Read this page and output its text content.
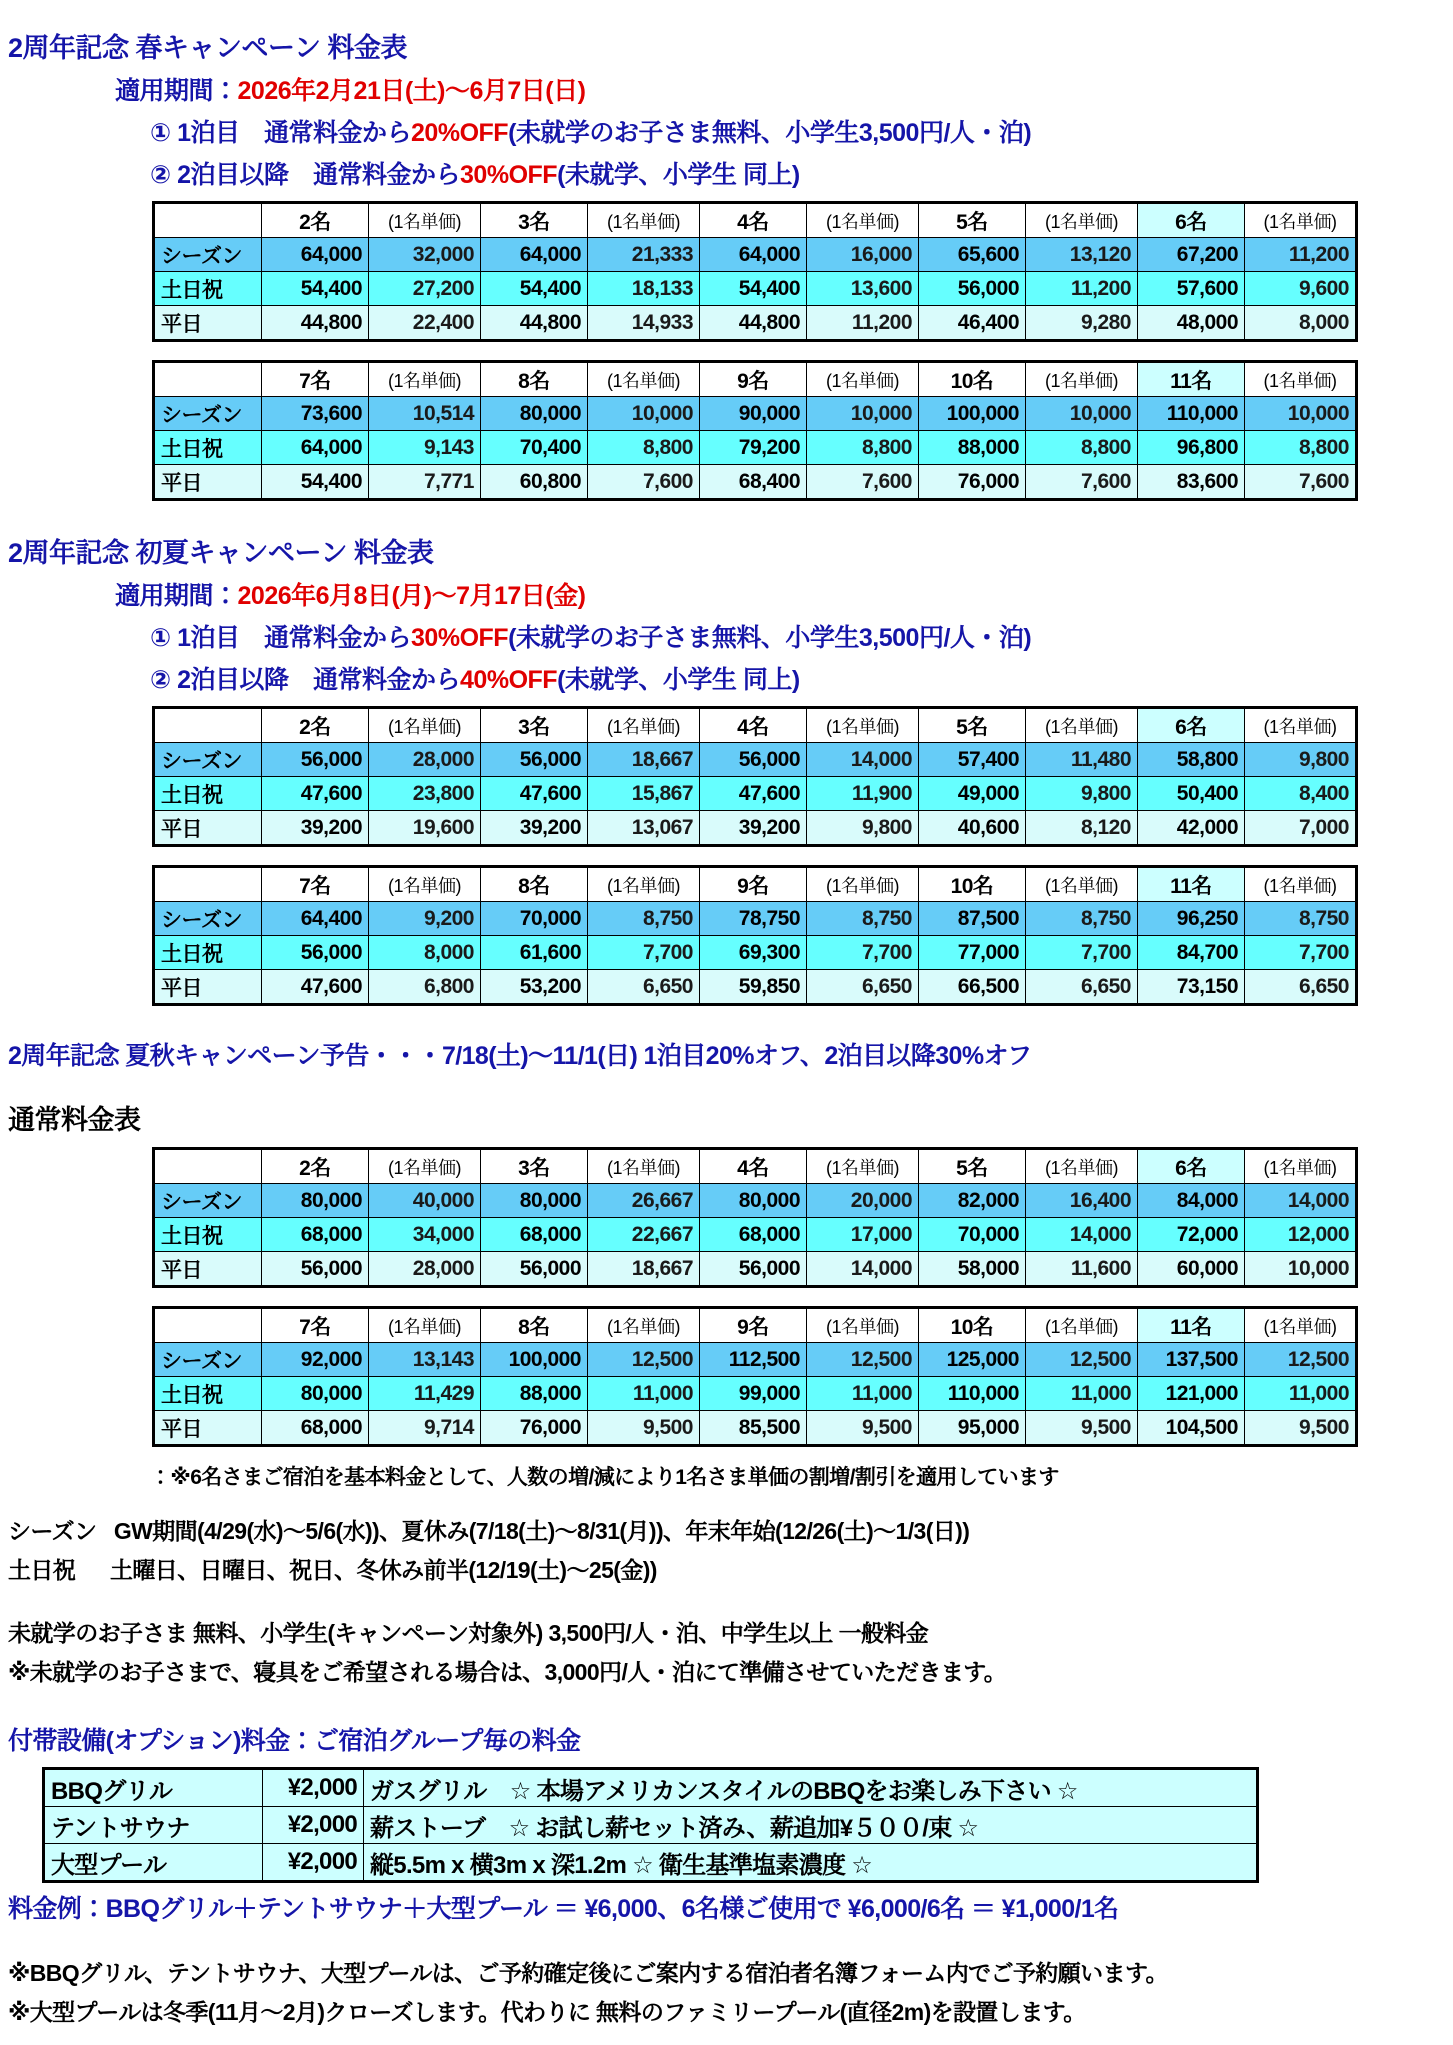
2周年記念 春キャンペーン 料金表
適用期間：2026年2月21日(土)～6月7日(日)
① 1泊目　通常料金から20%OFF(未就学のお子さま無料、小学生3,500円/人・泊)
② 2泊目以降　通常料金から30%OFF(未就学、小学生 同上)
	2名	(1名単価)	3名	(1名単価)	4名	(1名単価)	5名	(1名単価)	6名	(1名単価)
シーズン	64,000	32,000	64,000	21,333	64,000	16,000	65,600	13,120	67,200	11,200
土日祝	54,400	27,200	54,400	18,133	54,400	13,600	56,000	11,200	57,600	9,600
平日	44,800	22,400	44,800	14,933	44,800	11,200	46,400	9,280	48,000	8,000
	7名	(1名単価)	8名	(1名単価)	9名	(1名単価)	10名	(1名単価)	11名	(1名単価)
シーズン	73,600	10,514	80,000	10,000	90,000	10,000	100,000	10,000	110,000	10,000
土日祝	64,000	9,143	70,400	8,800	79,200	8,800	88,000	8,800	96,800	8,800
平日	54,400	7,771	60,800	7,600	68,400	7,600	76,000	7,600	83,600	7,600
2周年記念 初夏キャンペーン 料金表
適用期間：2026年6月8日(月)～7月17日(金)
① 1泊目　通常料金から30%OFF(未就学のお子さま無料、小学生3,500円/人・泊)
② 2泊目以降　通常料金から40%OFF(未就学、小学生 同上)
	2名	(1名単価)	3名	(1名単価)	4名	(1名単価)	5名	(1名単価)	6名	(1名単価)
シーズン	56,000	28,000	56,000	18,667	56,000	14,000	57,400	11,480	58,800	9,800
土日祝	47,600	23,800	47,600	15,867	47,600	11,900	49,000	9,800	50,400	8,400
平日	39,200	19,600	39,200	13,067	39,200	9,800	40,600	8,120	42,000	7,000
	7名	(1名単価)	8名	(1名単価)	9名	(1名単価)	10名	(1名単価)	11名	(1名単価)
シーズン	64,400	9,200	70,000	8,750	78,750	8,750	87,500	8,750	96,250	8,750
土日祝	56,000	8,000	61,600	7,700	69,300	7,700	77,000	7,700	84,700	7,700
平日	47,600	6,800	53,200	6,650	59,850	6,650	66,500	6,650	73,150	6,650
2周年記念 夏秋キャンペーン予告・・・7/18(土)～11/1(日) 1泊目20%オフ、2泊目以降30%オフ
通常料金表
	2名	(1名単価)	3名	(1名単価)	4名	(1名単価)	5名	(1名単価)	6名	(1名単価)
シーズン	80,000	40,000	80,000	26,667	80,000	20,000	82,000	16,400	84,000	14,000
土日祝	68,000	34,000	68,000	22,667	68,000	17,000	70,000	14,000	72,000	12,000
平日	56,000	28,000	56,000	18,667	56,000	14,000	58,000	11,600	60,000	10,000
	7名	(1名単価)	8名	(1名単価)	9名	(1名単価)	10名	(1名単価)	11名	(1名単価)
シーズン	92,000	13,143	100,000	12,500	112,500	12,500	125,000	12,500	137,500	12,500
土日祝	80,000	11,429	88,000	11,000	99,000	11,000	110,000	11,000	121,000	11,000
平日	68,000	9,714	76,000	9,500	85,500	9,500	95,000	9,500	104,500	9,500
：※6名さまご宿泊を基本料金として、人数の増/減により1名さま単価の割増/割引を適用しています
シーズン GW期間(4/29(水)～5/6(水))、夏休み(7/18(土)～8/31(月))、年末年始(12/26(土)～1/3(日))
土日祝 土曜日、日曜日、祝日、冬休み前半(12/19(土)～25(金))
未就学のお子さま 無料、小学生(キャンペーン対象外) 3,500円/人・泊、中学生以上 一般料金
※未就学のお子さまで、寝具をご希望される場合は、3,000円/人・泊にて準備させていただきます。
付帯設備(オプション)料金：ご宿泊グループ毎の料金
BBQグリル	¥2,000	ガスグリル　☆ 本場アメリカンスタイルのBBQをお楽しみ下さい ☆
テントサウナ	¥2,000	薪ストーブ　☆ お試し薪セット済み、薪追加¥５００/束 ☆
大型プール	¥2,000	縦5.5m x 横3m x 深1.2m ☆ 衛生基準塩素濃度 ☆
料金例：BBQグリル＋テントサウナ＋大型プール ＝ ¥6,000、6名様ご使用で ¥6,000/6名 ＝ ¥1,000/1名
※BBQグリル、テントサウナ、大型プールは、ご予約確定後にご案内する宿泊者名簿フォーム内でご予約願います。
※大型プールは冬季(11月～2月)クローズします。代わりに 無料のファミリープール(直径2m)を設置します。
